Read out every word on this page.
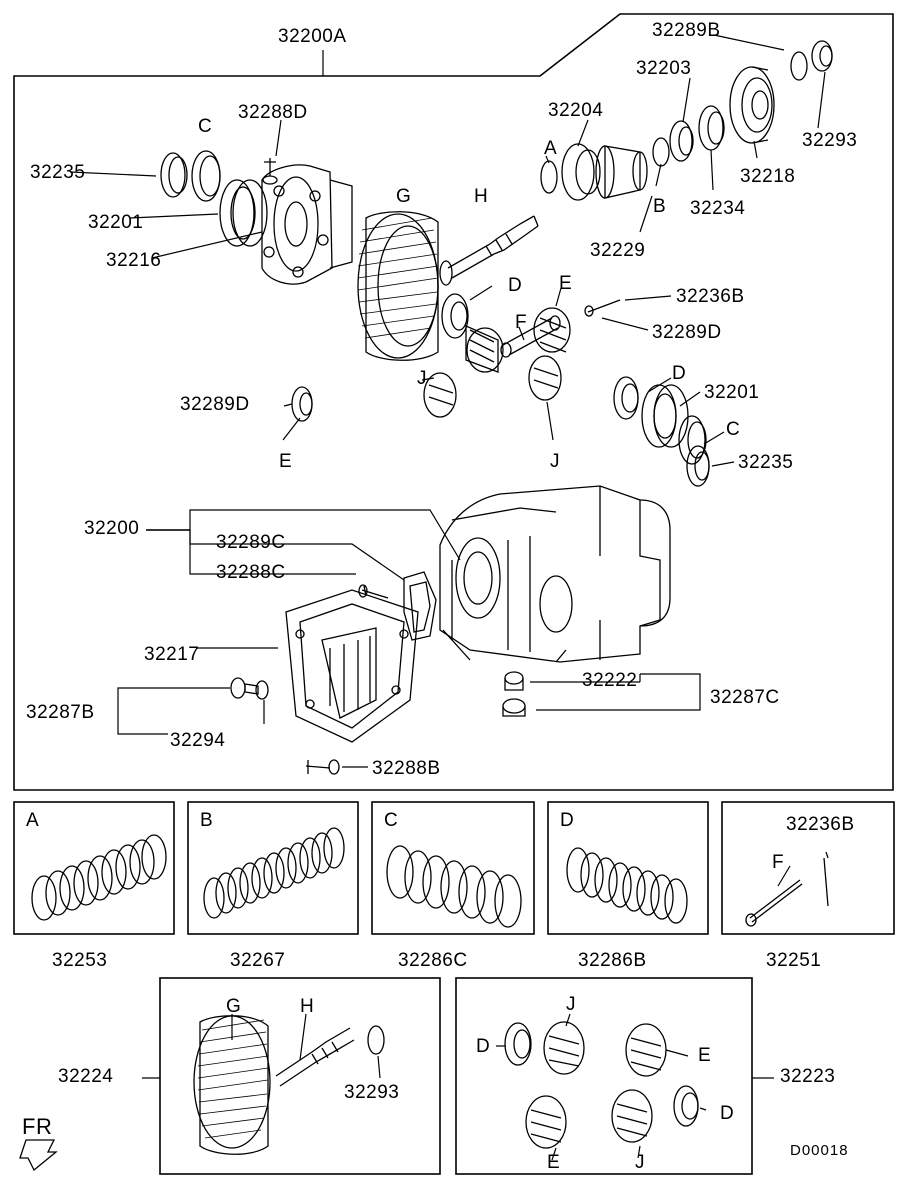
32200A
32235
32201
32216
32288D	32204
32289B
32203
32293
32218
32234
32229
32236B
32289D
32201
32235
32289D
32200
32289C
32288C
32217
32287B
32294
32288B
32222
32287C
C
G	H
A
B
D E
F
J
E	J
D
C
A	B	C	D	32236B
F
32253	32267	32286C	32286B	32251
32224
G	H
32293
32223
J
D	E
E	J
D
FR
D00018
